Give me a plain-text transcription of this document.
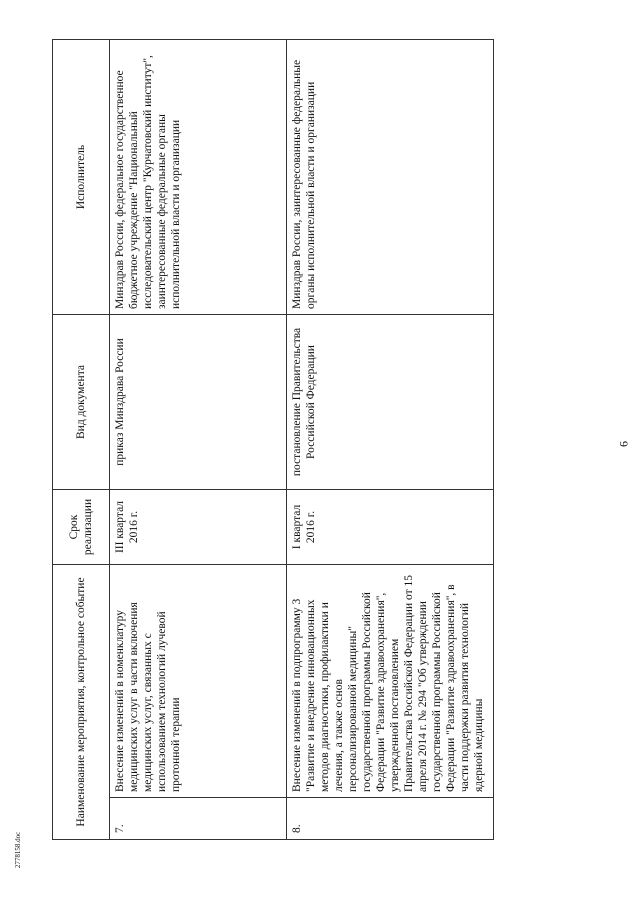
6
Наименование мероприятия, контрольное событие		Срок реализации	Вид документа	Исполнитель
7.	Внесение изменений в номенклатуру медицинских услуг в части включения медицинских услуг, связанных с использованием технологий лучевой протонной терапии	III квартал 2016 г.	приказ Минздрава России	Минздрав России, федеральное государственное бюджетное учреждение "Национальный исследовательский центр "Курчатовский институт", заинтересованные федеральные органы исполнительной власти и организации
8.	Внесение изменений в подпрограмму 3 "Развитие и внедрение инновационных методов диагностики, профилактики и лечения, а также основ персонализированной медицины" государственной программы Российской Федерации "Развитие здравоохранения", утвержденной постановлением Правительства Российской Федерации от 15 апреля 2014 г. № 294 "Об утверждении государственной программы Российской Федерации "Развитие здравоохранения", в части поддержки развития технологий ядерной медицины	I квартал 2016 г.	постановление Правительства Российской Федерации	Минздрав России, заинтересованные федеральные органы исполнительной власти и организации
2778158.doc
